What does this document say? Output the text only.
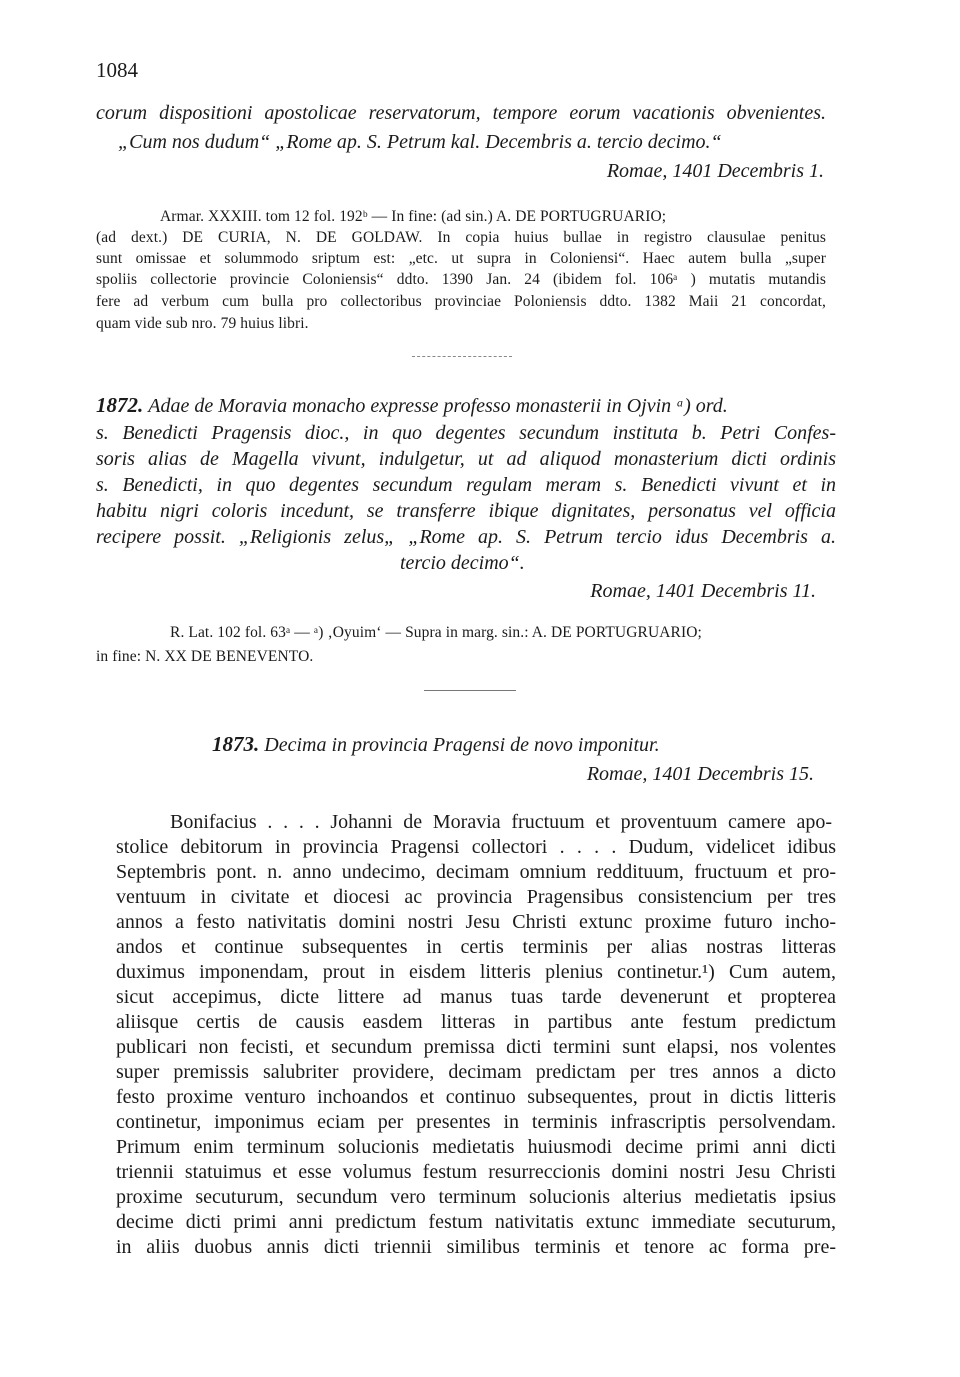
1084
corum dispositioni apostolicae reservatorum, tempore eorum vacationis obvenientes.
„Cum nos dudum“ „Rome ap. S. Petrum kal. Decembris a. tercio decimo.“
Romae, 1401 Decembris 1.
Armar. XXXIII. tom 12 fol. 192ᵇ — In fine: (ad sin.) A. DE PORTUGRUARIO;
(ad dext.) DE CURIA, N. DE GOLDAW. In copia huius bullae in registro clausulae penitus
sunt omissae et solummodo sriptum est: „etc. ut supra in Coloniensi“. Haec autem bulla „super
spoliis collectorie provincie Coloniensis“ ddto. 1390 Jan. 24 (ibidem fol. 106ᵃ ) mutatis mutandis
fere ad verbum cum bulla pro collectoribus provinciae Poloniensis ddto. 1382 Maii 21 concordat,
quam vide sub nro. 79 huius libri.
1872. Adae de Moravia monacho expresse professo monasterii in Ojvin ᵃ) ord.
s. Benedicti Pragensis dioc., in quo degentes secundum instituta b. Petri Confes-
soris alias de Magella vivunt, indulgetur, ut ad aliquod monasterium dicti ordinis
s. Benedicti, in quo degentes secundum regulam meram s. Benedicti vivunt et in
habitu nigri coloris incedunt, se transferre ibique dignitates, personatus vel officia
recipere possit. „Religionis zelus„ „Rome ap. S. Petrum tercio idus Decembris a.
tercio decimo“.
Romae, 1401 Decembris 11.
R. Lat. 102 fol. 63ᵃ — ᵃ) ‚Oyuim‘ — Supra in marg. sin.: A. DE PORTUGRUARIO;
in fine: N. XX DE BENEVENTO.
1873. Decima in provincia Pragensi de novo imponitur.
Romae, 1401 Decembris 15.
Bonifacius . . . . Johanni de Moravia fructuum et proventuum camere apo-
stolice debitorum in provincia Pragensi collectori . . . . Dudum, videlicet idibus
Septembris pont. n. anno undecimo, decimam omnium reddituum, fructuum et pro-
ventuum in civitate et diocesi ac provincia Pragensibus consistencium per tres
annos a festo nativitatis domini nostri Jesu Christi extunc proxime futuro incho-
andos et continue subsequentes in certis terminis per alias nostras litteras
duximus imponendam, prout in eisdem litteris plenius continetur.¹) Cum autem,
sicut accepimus, dicte littere ad manus tuas tarde devenerunt et propterea
aliisque certis de causis easdem litteras in partibus ante festum predictum
publicari non fecisti, et secundum premissa dicti termini sunt elapsi, nos volentes
super premissis salubriter providere, decimam predictam per tres annos a dicto
festo proxime venturo inchoandos et continuo subsequentes, prout in dictis litteris
continetur, imponimus eciam per presentes in terminis infrascriptis persolvendam.
Primum enim terminum solucionis medietatis huiusmodi decime primi anni dicti
triennii statuimus et esse volumus festum resurreccionis domini nostri Jesu Christi
proxime secuturum, secundum vero terminum solucionis alterius medietatis ipsius
decime dicti primi anni predictum festum nativitatis extunc immediate secuturum,
in aliis duobus annis dicti triennii similibus terminis et tenore ac forma pre-
